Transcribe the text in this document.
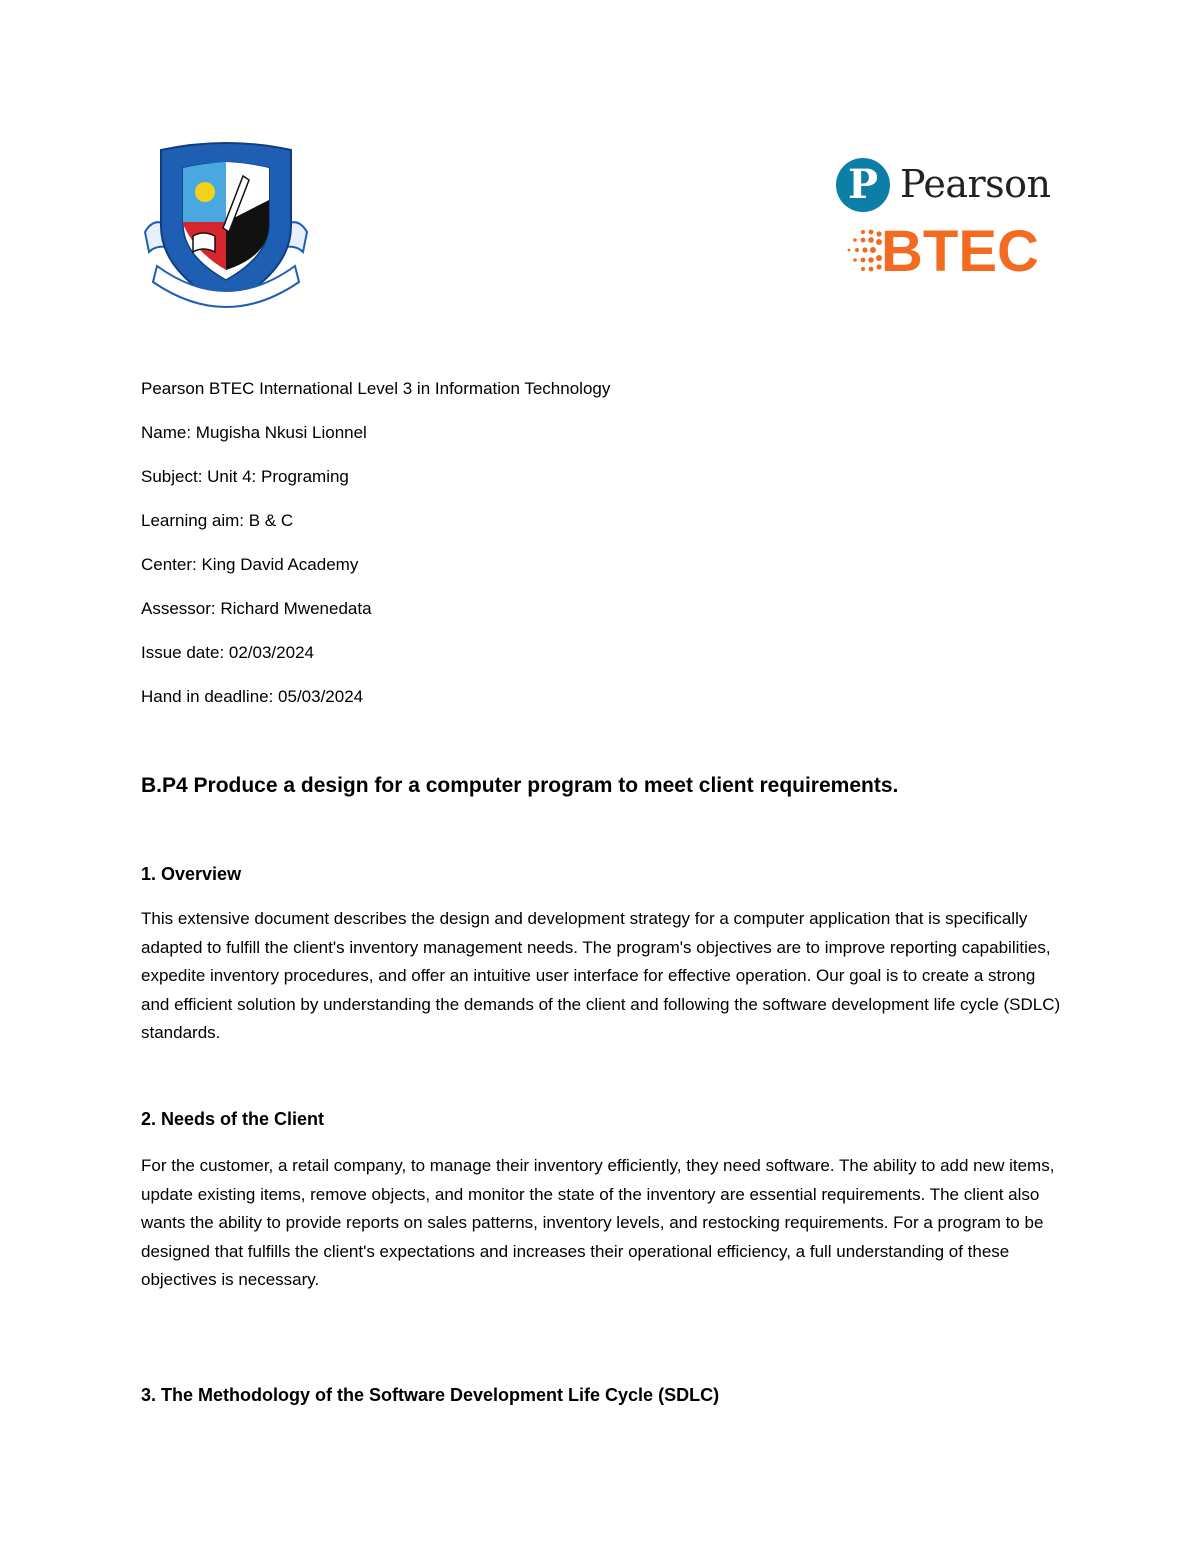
P Pearson
BTEC
Pearson BTEC International Level 3 in Information Technology
Name: Mugisha Nkusi Lionnel
Subject: Unit 4: Programing
Learning aim: B & C
Center: King David Academy
Assessor: Richard Mwenedata
Issue date: 02/03/2024
Hand in deadline: 05/03/2024
B.P4 Produce a design for a computer program to meet client requirements.
1. Overview

This extensive document describes the design and development strategy for a computer application that is specifically adapted to fulfill the client's inventory management needs. The program's objectives are to improve reporting capabilities, expedite inventory procedures, and offer an intuitive user interface for effective operation. Our goal is to create a strong and efficient solution by understanding the demands of the client and following the software development life cycle (SDLC) standards.

2. Needs of the Client

For the customer, a retail company, to manage their inventory efficiently, they need software. The ability to add new items, update existing items, remove objects, and monitor the state of the inventory are essential requirements. The client also wants the ability to provide reports on sales patterns, inventory levels, and restocking requirements. For a program to be designed that fulfills the client's expectations and increases their operational efficiency, a full understanding of these objectives is necessary.

3. The Methodology of the Software Development Life Cycle (SDLC)
